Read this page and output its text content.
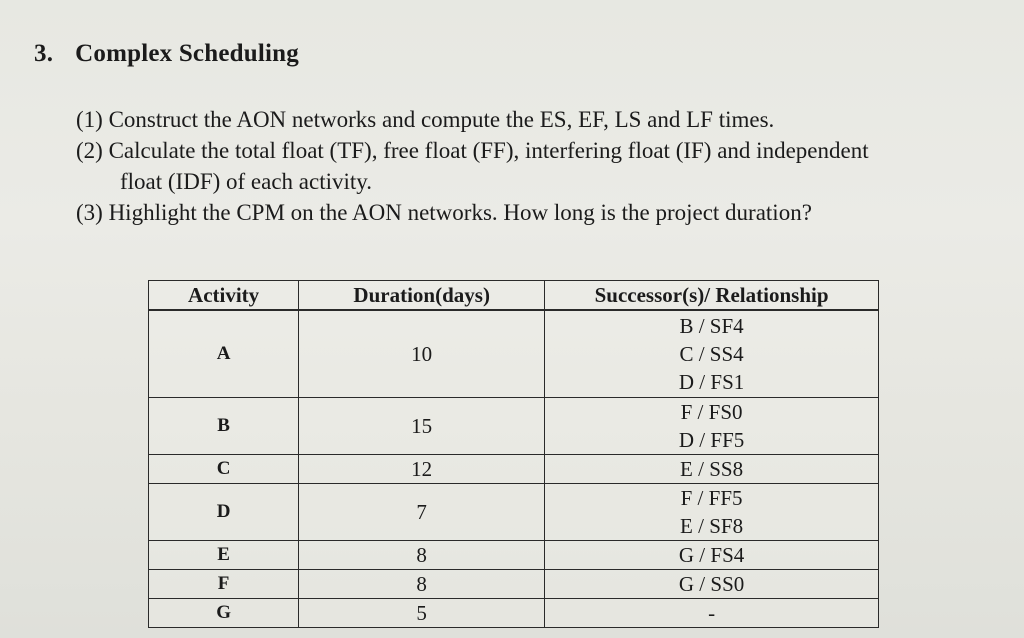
3. Complex Scheduling
(1) Construct the AON networks and compute the ES, EF, LS and LF times.
(2) Calculate the total float (TF), free float (FF), interfering float (IF) and independent
float (IDF) of each activity.
(3) Highlight the CPM on the AON networks. How long is the project duration?
Activity	Duration(days)	Successor(s)/ Relationship
A	10	B / SF4
C / SS4
D / FS1

B	15	F / FS0
D / FF5

C	12	E / SS8

D	7	F / FF5
E / SF8

E	8	G / FS4

F	8	G / SS0

G	5	-
